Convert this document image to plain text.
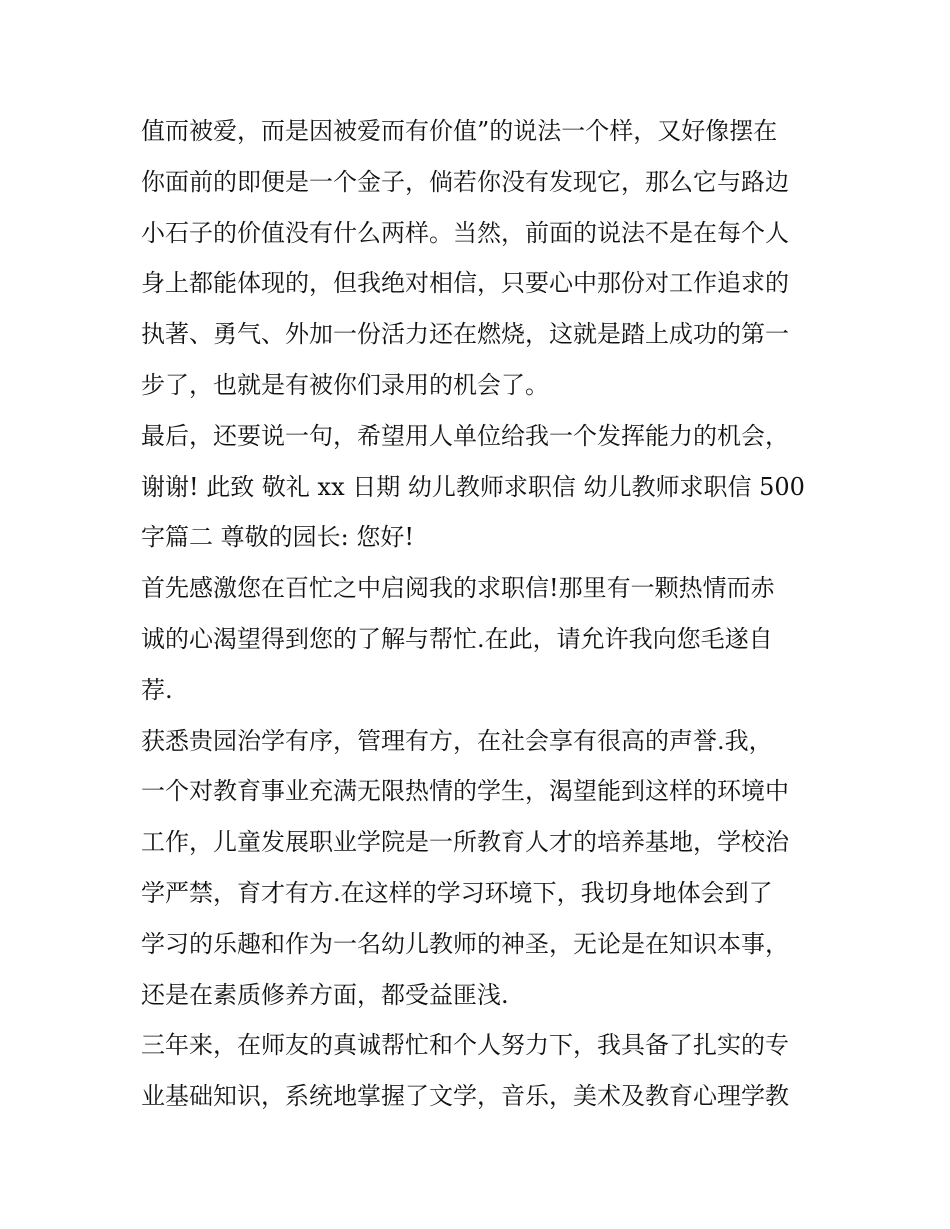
值而被爱，而是因被爱而有价值”的说法一个样，又好像摆在
你面前的即便是一个金子，倘若你没有发现它，那么它与路边
小石子的价值没有什么两样。当然，前面的说法不是在每个人
身上都能体现的，但我绝对相信，只要心中那份对工作追求的
执著、勇气、外加一份活力还在燃烧，这就是踏上成功的第一
步了，也就是有被你们录用的机会了。
最后，还要说一句，希望用人单位给我一个发挥能力的机会，
谢谢! 此致 敬礼 xx 日期 幼儿教师求职信 幼儿教师求职信 500
字篇二 尊敬的园长: 您好!
首先感激您在百忙之中启阅我的求职信!那里有一颗热情而赤
诚的心渴望得到您的了解与帮忙.在此，请允许我向您毛遂自
荐.
获悉贵园治学有序，管理有方，在社会享有很高的声誉.我，
一个对教育事业充满无限热情的学生，渴望能到这样的环境中
工作，儿童发展职业学院是一所教育人才的培养基地，学校治
学严禁，育才有方.在这样的学习环境下，我切身地体会到了
学习的乐趣和作为一名幼儿教师的神圣，无论是在知识本事，
还是在素质修养方面，都受益匪浅.
三年来，在师友的真诚帮忙和个人努力下，我具备了扎实的专
业基础知识，系统地掌握了文学，音乐，美术及教育心理学教
